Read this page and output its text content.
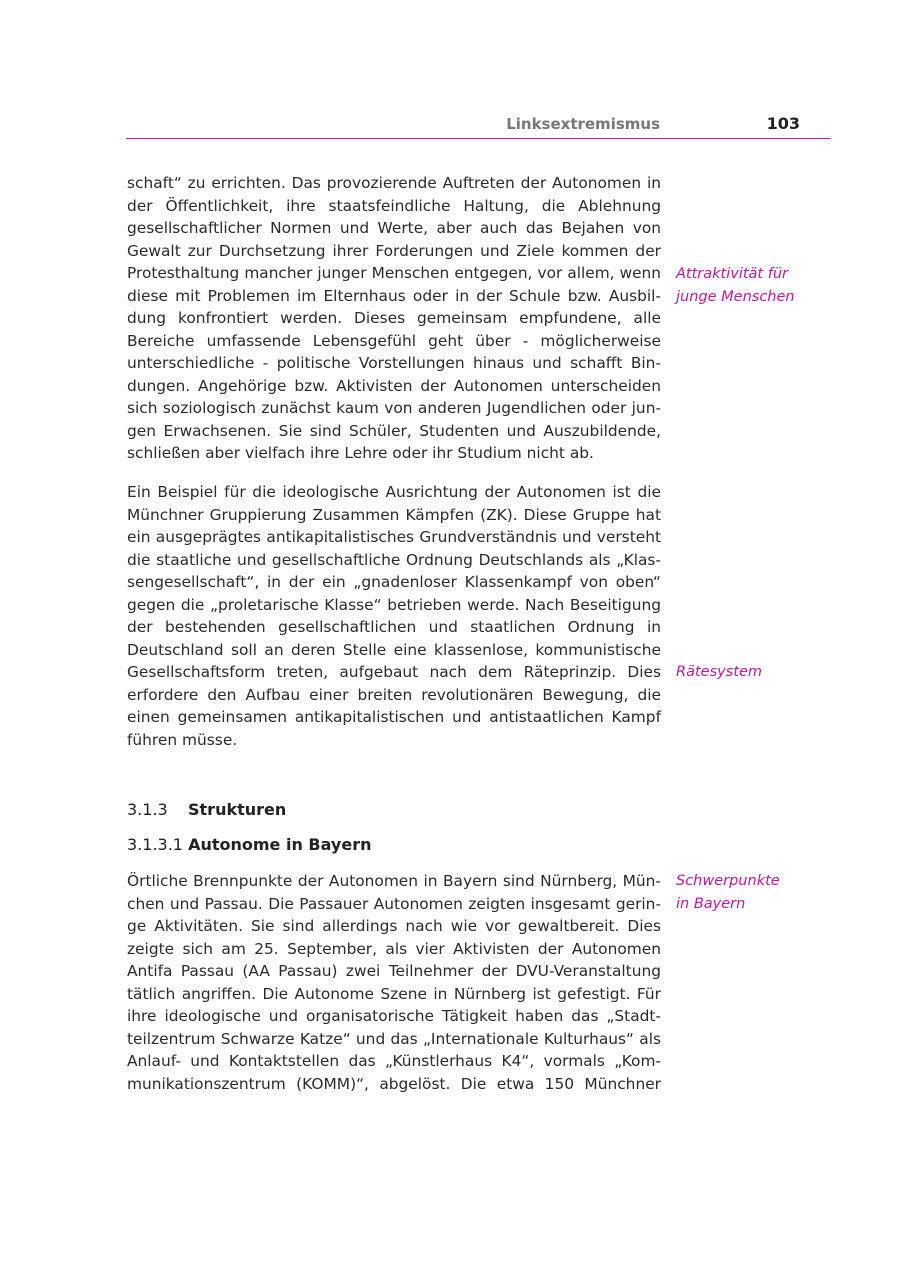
Linksextremismus	103
schaft“ zu errichten. Das provozierende Auftreten der Autonomen in
der Öffentlichkeit, ihre staatsfeindliche Haltung, die Ablehnung
gesellschaftlicher Normen und Werte, aber auch das Bejahen von
Gewalt zur Durchsetzung ihrer Forderungen und Ziele kommen der
Protesthaltung mancher junger Menschen entgegen, vor allem, wenn
diese mit Problemen im Elternhaus oder in der Schule bzw. Ausbil-
dung konfrontiert werden. Dieses gemeinsam empfundene, alle
Bereiche umfassende Lebensgefühl geht über - möglicherweise
unterschiedliche - politische Vorstellungen hinaus und schafft Bin-
dungen. Angehörige bzw. Aktivisten der Autonomen unterscheiden
sich soziologisch zunächst kaum von anderen Jugendlichen oder jun-
gen Erwachsenen. Sie sind Schüler, Studenten und Auszubildende,
schließen aber vielfach ihre Lehre oder ihr Studium nicht ab.
Ein Beispiel für die ideologische Ausrichtung der Autonomen ist die
Münchner Gruppierung Zusammen Kämpfen (ZK). Diese Gruppe hat
ein ausgeprägtes antikapitalistisches Grundverständnis und versteht
die staatliche und gesellschaftliche Ordnung Deutschlands als „Klas-
sengesellschaft“, in der ein „gnadenloser Klassenkampf von oben“
gegen die „proletarische Klasse“ betrieben werde. Nach Beseitigung
der bestehenden gesellschaftlichen und staatlichen Ordnung in
Deutschland soll an deren Stelle eine klassenlose, kommunistische
Gesellschaftsform treten, aufgebaut nach dem Räteprinzip. Dies
erfordere den Aufbau einer breiten revolutionären Bewegung, die
einen gemeinsamen antikapitalistischen und antistaatlichen Kampf
führen müsse.
3.1.3 Strukturen
3.1.3.1 Autonome in Bayern
Örtliche Brennpunkte der Autonomen in Bayern sind Nürnberg, Mün-
chen und Passau. Die Passauer Autonomen zeigten insgesamt gerin-
ge Aktivitäten. Sie sind allerdings nach wie vor gewaltbereit. Dies
zeigte sich am 25. September, als vier Aktivisten der Autonomen
Antifa Passau (AA Passau) zwei Teilnehmer der DVU-Veranstaltung
tätlich angriffen. Die Autonome Szene in Nürnberg ist gefestigt. Für
ihre ideologische und organisatorische Tätigkeit haben das „Stadt-
teilzentrum Schwarze Katze“ und das „Internationale Kulturhaus“ als
Anlauf- und Kontaktstellen das „Künstlerhaus K4“, vormals „Kom-
munikationszentrum (KOMM)“, abgelöst. Die etwa 150 Münchner
Attraktivität für
junge Menschen
Rätesystem
Schwerpunkte
in Bayern
